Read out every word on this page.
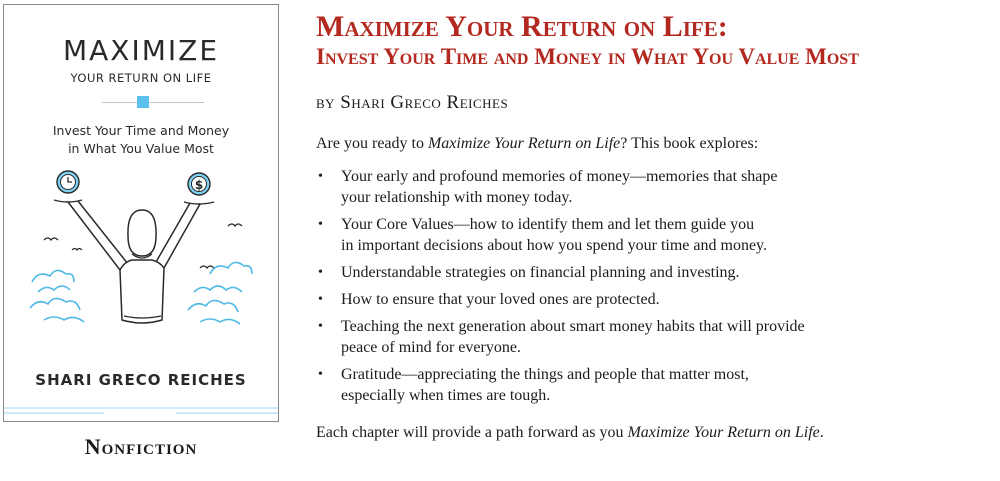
MAXIMIZE
YOUR RETURN ON LIFE
Invest Your Time and Money
in What You Value Most
$
SHARI GRECO REICHES
Nonfiction
Maximize Your Return on Life:
Invest Your Time and Money in What You Value Most
by Shari Greco Reiches
Are you ready to Maximize Your Return on Life? This book explores:
• Your early and profound memories of money—memories that shape
your relationship with money today.
• Your Core Values—how to identify them and let them guide you
in important decisions about how you spend your time and money.
• Understandable strategies on financial planning and investing.
• How to ensure that your loved ones are protected.
• Teaching the next generation about smart money habits that will provide
peace of mind for everyone.
• Gratitude—appreciating the things and people that matter most,
especially when times are tough.
Each chapter will provide a path forward as you Maximize Your Return on Life.
